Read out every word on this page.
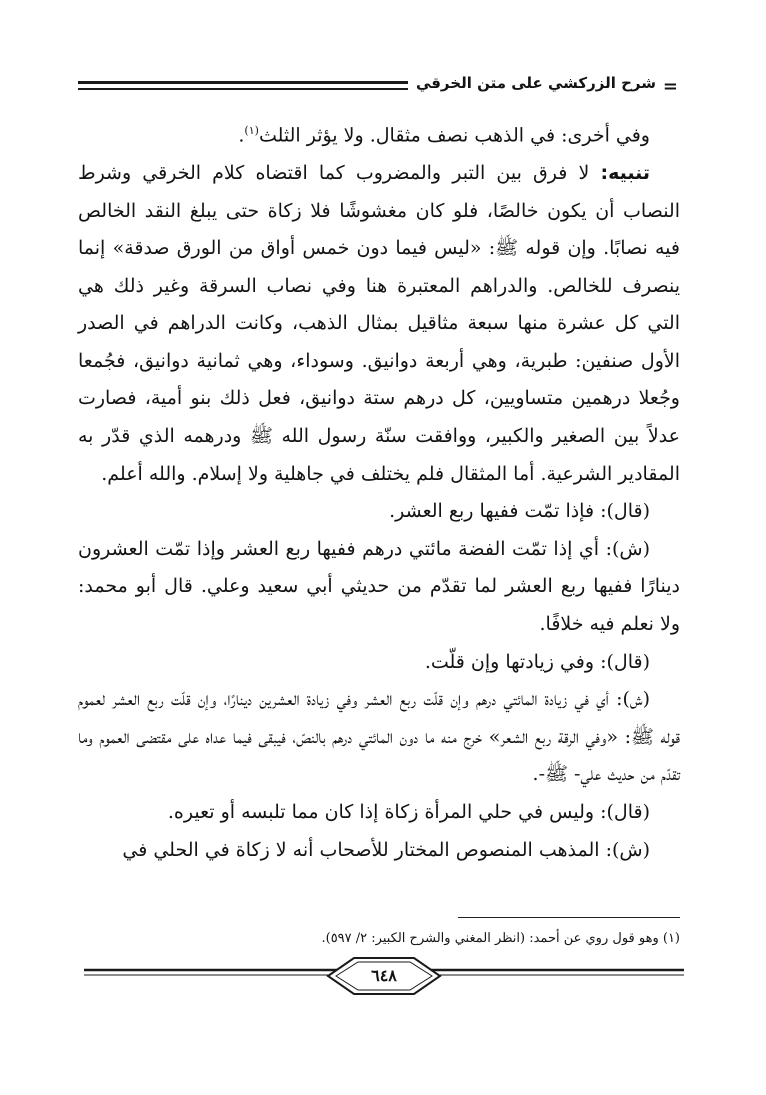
شرح الزركشي على متن الخرقي =

وفي أخرى: في الذهب نصف مثقال. ولا يؤثر الثلث$^{(١)}$.

تنبيه: لا فرق بين التبر والمضروب كما اقتضاه كلام الخرقي وشرط النصاب أن يكون خالصًا، فلو كان مغشوشًا فلا زكاة حتى يبلغ النقد الخالص فيه نصابًا. وإن قوله ﷺ: «ليس فيما دون خمس أواق من الورق صدقة» إنما ينصرف للخالص. والدراهم المعتبرة هنا وفي نصاب السرقة وغير ذلك هي التي كل عشرة منها سبعة مثاقيل بمثال الذهب، وكانت الدراهم في الصدر الأول صنفين: طبرية، وهي أربعة دوانيق. وسوداء، وهي ثمانية دوانيق، فجُمعا وجُعلا درهمين متساويين، كل درهم ستة دوانيق، فعل ذلك بنو أمية، فصارت عدلاً بين الصغير والكبير، ووافقت سنّة رسول الله ﷺ ودرهمه الذي قدّر به المقادير الشرعية. أما المثقال فلم يختلف في جاهلية ولا إسلام. والله أعلم.

(قال): فإذا تمّت ففيها ربع العشر.

(ش): أي إذا تمّت الفضة مائتي درهم ففيها ربع العشر وإذا تمّت العشرون دينارًا ففيها ربع العشر لما تقدّم من حديثي أبي سعيد وعلي. قال أبو محمد: ولا نعلم فيه خلافًا.

(قال): وفي زيادتها وإن قلّت.

(ش): أي في زيادة المائتي درهم وإن قلّت ربع العشر وفي زيادة العشرين دينارًا، وإن قلّت ربع العشر لعموم قوله ﷺ: «وفي الرقة ربع الشعر» خرج منه ما دون المائتي درهم بالنصّ، فيبقى فيما عداه على مقتضى العموم وما تقدّم من حديث علي- ﷺ-.

(قال): وليس في حلي المرأة زكاة إذا كان مما تلبسه أو تعيره.

(ش): المذهب المنصوص المختار للأصحاب أنه لا زكاة في الحلي في

(١) وهو قول روي عن أحمد: (انظر المغني والشرح الكبير: ٢/ ٥٩٧).
٦٤٨
